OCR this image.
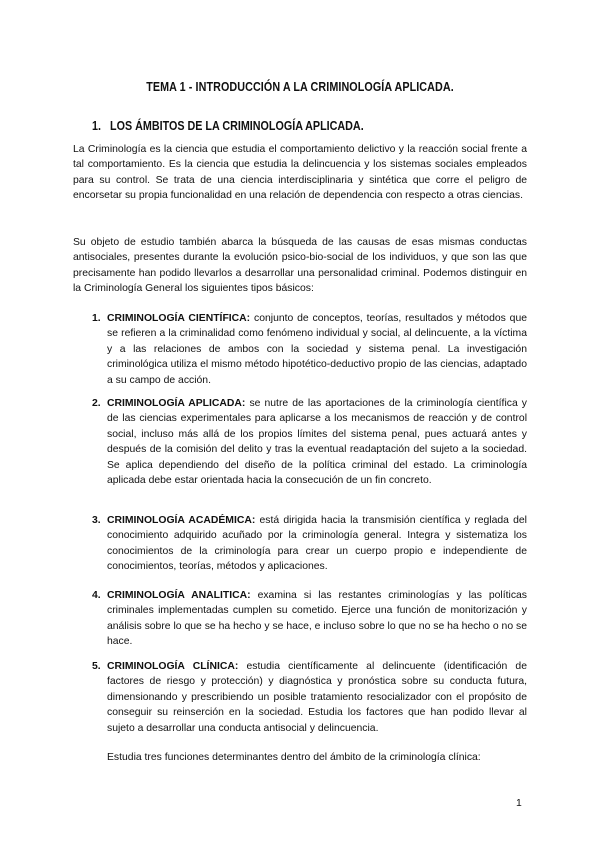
TEMA 1 - INTRODUCCIÓN A LA CRIMINOLOGÍA APLICADA.
1. LOS ÁMBITOS DE LA CRIMINOLOGÍA APLICADA.

La Criminología es la ciencia que estudia el comportamiento delictivo y la reacción social frente a tal comportamiento. Es la ciencia que estudia la delincuencia y los sistemas sociales empleados para su control. Se trata de una ciencia interdisciplinaria y sintética que corre el peligro de encorsetar su propia funcionalidad en una relación de dependencia con respecto a otras ciencias.

Su objeto de estudio también abarca la búsqueda de las causas de esas mismas conductas antisociales, presentes durante la evolución psico-bio-social de los individuos, y que son las que precisamente han podido llevarlos a desarrollar una personalidad criminal. Podemos distinguir en la Criminología General los siguientes tipos básicos:

1. CRIMINOLOGÍA CIENTÍFICA: conjunto de conceptos, teorías, resultados y métodos que se refieren a la criminalidad como fenómeno individual y social, al delincuente, a la víctima y a las relaciones de ambos con la sociedad y sistema penal. La investigación criminológica utiliza el mismo método hipotético-deductivo propio de las ciencias, adaptado a su campo de acción.
2. CRIMINOLOGÍA APLICADA: se nutre de las aportaciones de la criminología científica y de las ciencias experimentales para aplicarse a los mecanismos de reacción y de control social, incluso más allá de los propios límites del sistema penal, pues actuará antes y después de la comisión del delito y tras la eventual readaptación del sujeto a la sociedad. Se aplica dependiendo del diseño de la política criminal del estado. La criminología aplicada debe estar orientada hacia la consecución de un fin concreto.
3. CRIMINOLOGÍA ACADÉMICA: está dirigida hacia la transmisión científica y reglada del conocimiento adquirido acuñado por la criminología general. Integra y sistematiza los conocimientos de la criminología para crear un cuerpo propio e independiente de conocimientos, teorías, métodos y aplicaciones.
4. CRIMINOLOGÍA ANALITICA: examina si las restantes criminologías y las políticas criminales implementadas cumplen su cometido. Ejerce una función de monitorización y análisis sobre lo que se ha hecho y se hace, e incluso sobre lo que no se ha hecho o no se hace.
5. CRIMINOLOGÍA CLÍNICA: estudia científicamente al delincuente (identificación de factores de riesgo y protección) y diagnóstica y pronóstica sobre su conducta futura, dimensionando y prescribiendo un posible tratamiento resocializador con el propósito de conseguir su reinserción en la sociedad. Estudia los factores que han podido llevar al sujeto a desarrollar una conducta antisocial y delincuencia.
Estudia tres funciones determinantes dentro del ámbito de la criminología clínica:
1
